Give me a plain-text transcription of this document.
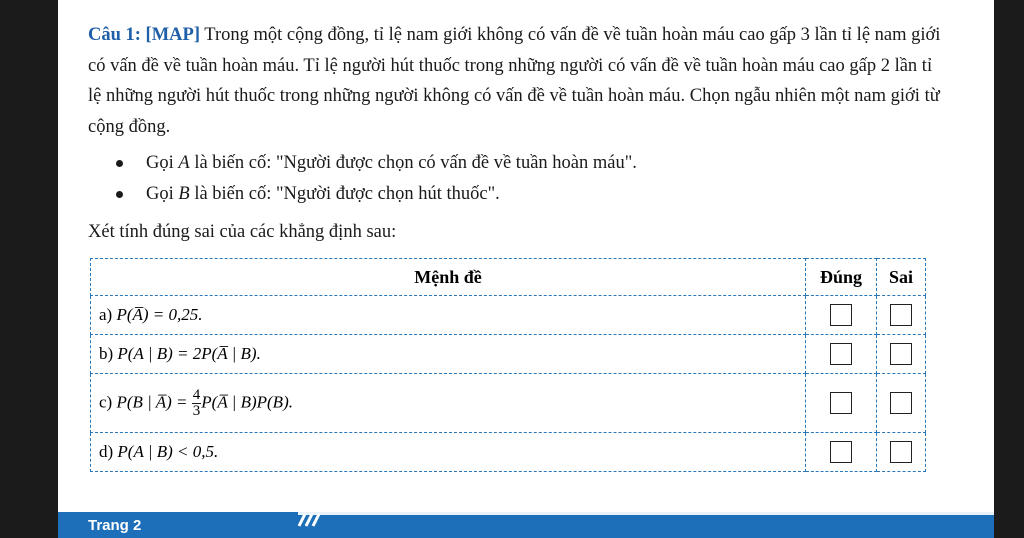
Câu 1: [MAP] Trong một cộng đồng, tỉ lệ nam giới không có vấn đề về tuần hoàn máu cao gấp 3 lần tỉ lệ nam giới có vấn đề về tuần hoàn máu. Tỉ lệ người hút thuốc trong những người có vấn đề về tuần hoàn máu cao gấp 2 lần tỉ lệ những người hút thuốc trong những người không có vấn đề về tuần hoàn máu. Chọn ngẫu nhiên một nam giới từ cộng đồng.

Gọi A là biến cố: "Người được chọn có vấn đề về tuần hoàn máu".
Gọi B là biến cố: "Người được chọn hút thuốc".

Xét tính đúng sai của các khẳng định sau:

Mệnh đề	Đúng	Sai
a) P(A̅) = 0,25.		
b) P(A | B) = 2P(A̅ | B).		
c) P(B | A̅) = $\frac{4}{3}$ P(A̅ | B)P(B).		
d) P(A | B) < 0,5.		
Trang 2
